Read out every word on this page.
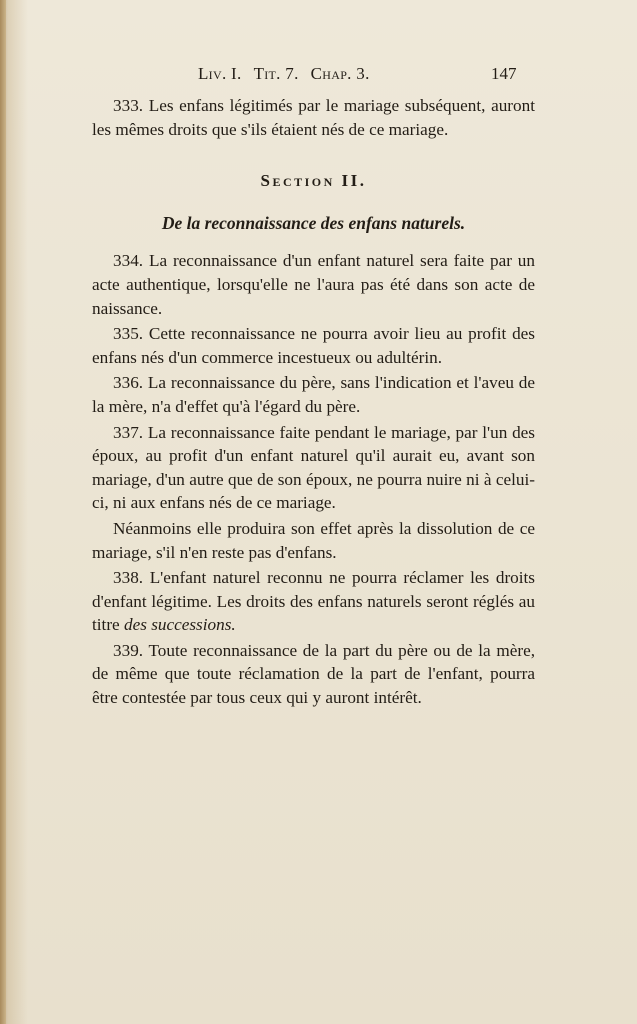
Liv. I. Tit. 7. Chap. 3.	147

333. Les enfans légitimés par le mariage subséquent, auront les mêmes droits que s'ils étaient nés de ce mariage.

Section II.

De la reconnaissance des enfans naturels.

334. La reconnaissance d'un enfant naturel sera faite par un acte authentique, lorsqu'elle ne l'aura pas été dans son acte de naissance.

335. Cette reconnaissance ne pourra avoir lieu au profit des enfans nés d'un commerce incestueux ou adultérin.

336. La reconnaissance du père, sans l'indication et l'aveu de la mère, n'a d'effet qu'à l'égard du père.

337. La reconnaissance faite pendant le mariage, par l'un des époux, au profit d'un enfant naturel qu'il aurait eu, avant son mariage, d'un autre que de son époux, ne pourra nuire ni à celui-ci, ni aux enfans nés de ce mariage.

Néanmoins elle produira son effet après la dissolution de ce mariage, s'il n'en reste pas d'enfans.

338. L'enfant naturel reconnu ne pourra réclamer les droits d'enfant légitime. Les droits des enfans naturels seront réglés au titre des successions.

339. Toute reconnaissance de la part du père ou de la mère, de même que toute réclamation de la part de l'enfant, pourra être contestée par tous ceux qui y auront intérêt.
